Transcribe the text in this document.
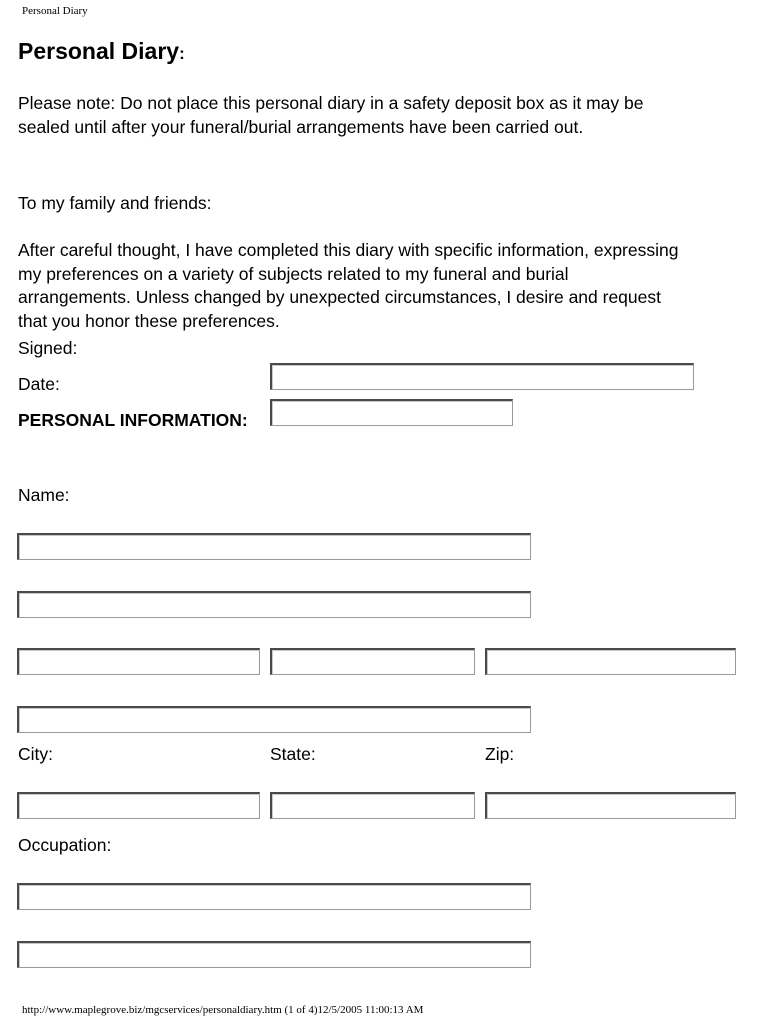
Personal Diary
Personal Diary:
Please note: Do not place this personal diary in a safety deposit box as it may be
sealed until after your funeral/burial arrangements have been carried out.
To my family and friends:
After careful thought, I have completed this diary with specific information, expressing
my preferences on a variety of subjects related to my funeral and burial
arrangements. Unless changed by unexpected circumstances, I desire and request
that you honor these preferences.
Signed:
Date:
PERSONAL INFORMATION:
Name:
City:	State:	Zip:
Occupation:
http://www.maplegrove.biz/mgcservices/personaldiary.htm (1 of 4)12/5/2005 11:00:13 AM
